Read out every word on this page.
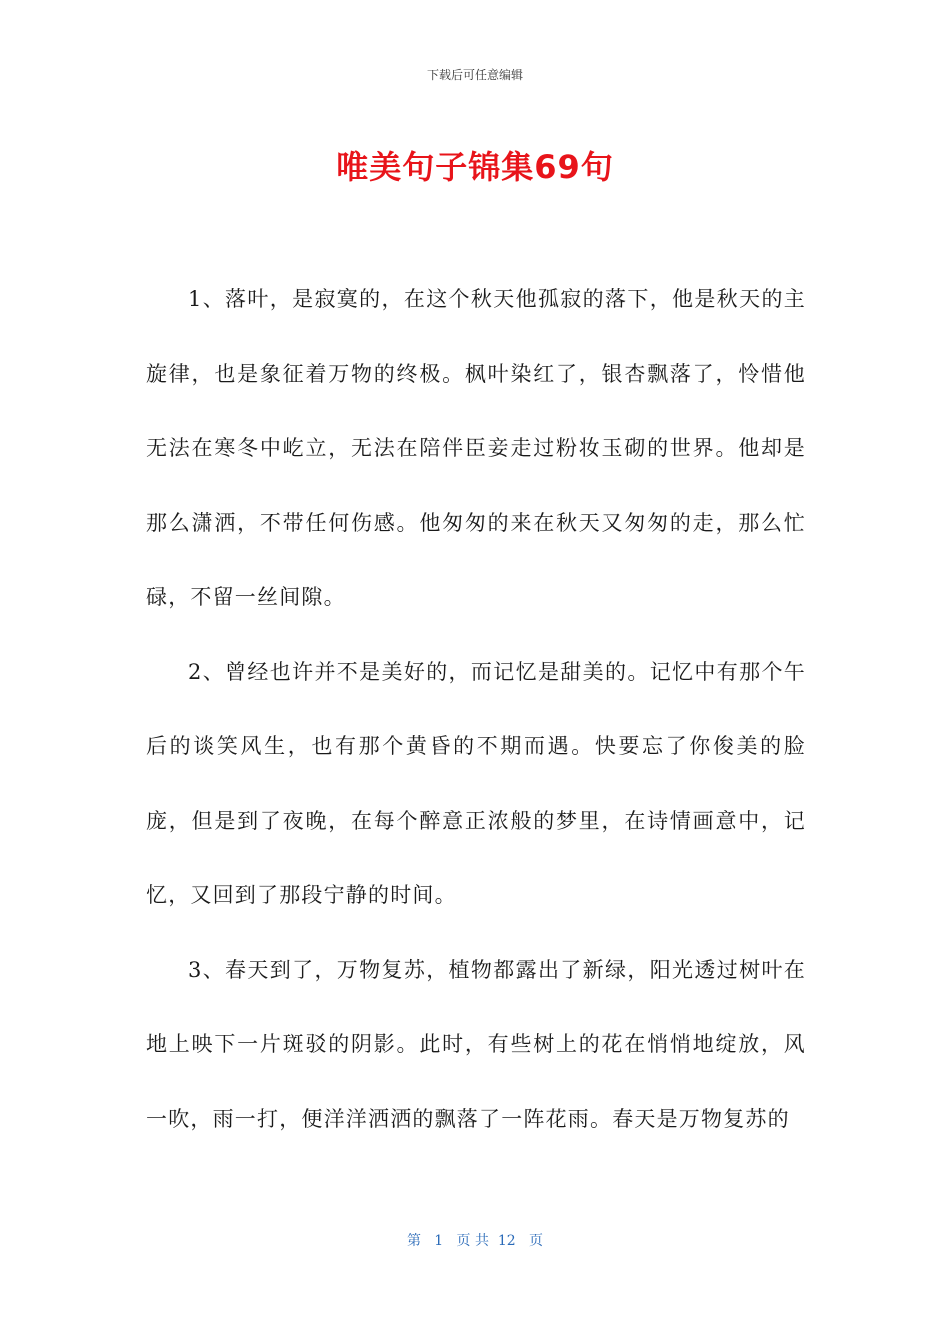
下载后可任意编辑
唯美句子锦集69句

1、落叶，是寂寞的，在这个秋天他孤寂的落下，他是秋天的主旋律，也是象征着万物的终极。枫叶染红了，银杏飘落了，怜惜他无法在寒冬中屹立，无法在陪伴臣妾走过粉妆玉砌的世界。他却是那么潇洒，不带任何伤感。他匆匆的来在秋天又匆匆的走，那么忙碌，不留一丝间隙。

2、曾经也许并不是美好的，而记忆是甜美的。记忆中有那个午后的谈笑风生，也有那个黄昏的不期而遇。快要忘了你俊美的脸庞，但是到了夜晚，在每个醉意正浓般的梦里，在诗情画意中，记忆，又回到了那段宁静的时间。

3、春天到了，万物复苏，植物都露出了新绿，阳光透过树叶在地上映下一片斑驳的阴影。此时，有些树上的花在悄悄地绽放，风一吹，雨一打，便洋洋洒洒的飘落了一阵花雨。春天是万物复苏的

第   1   页 共  12   页
